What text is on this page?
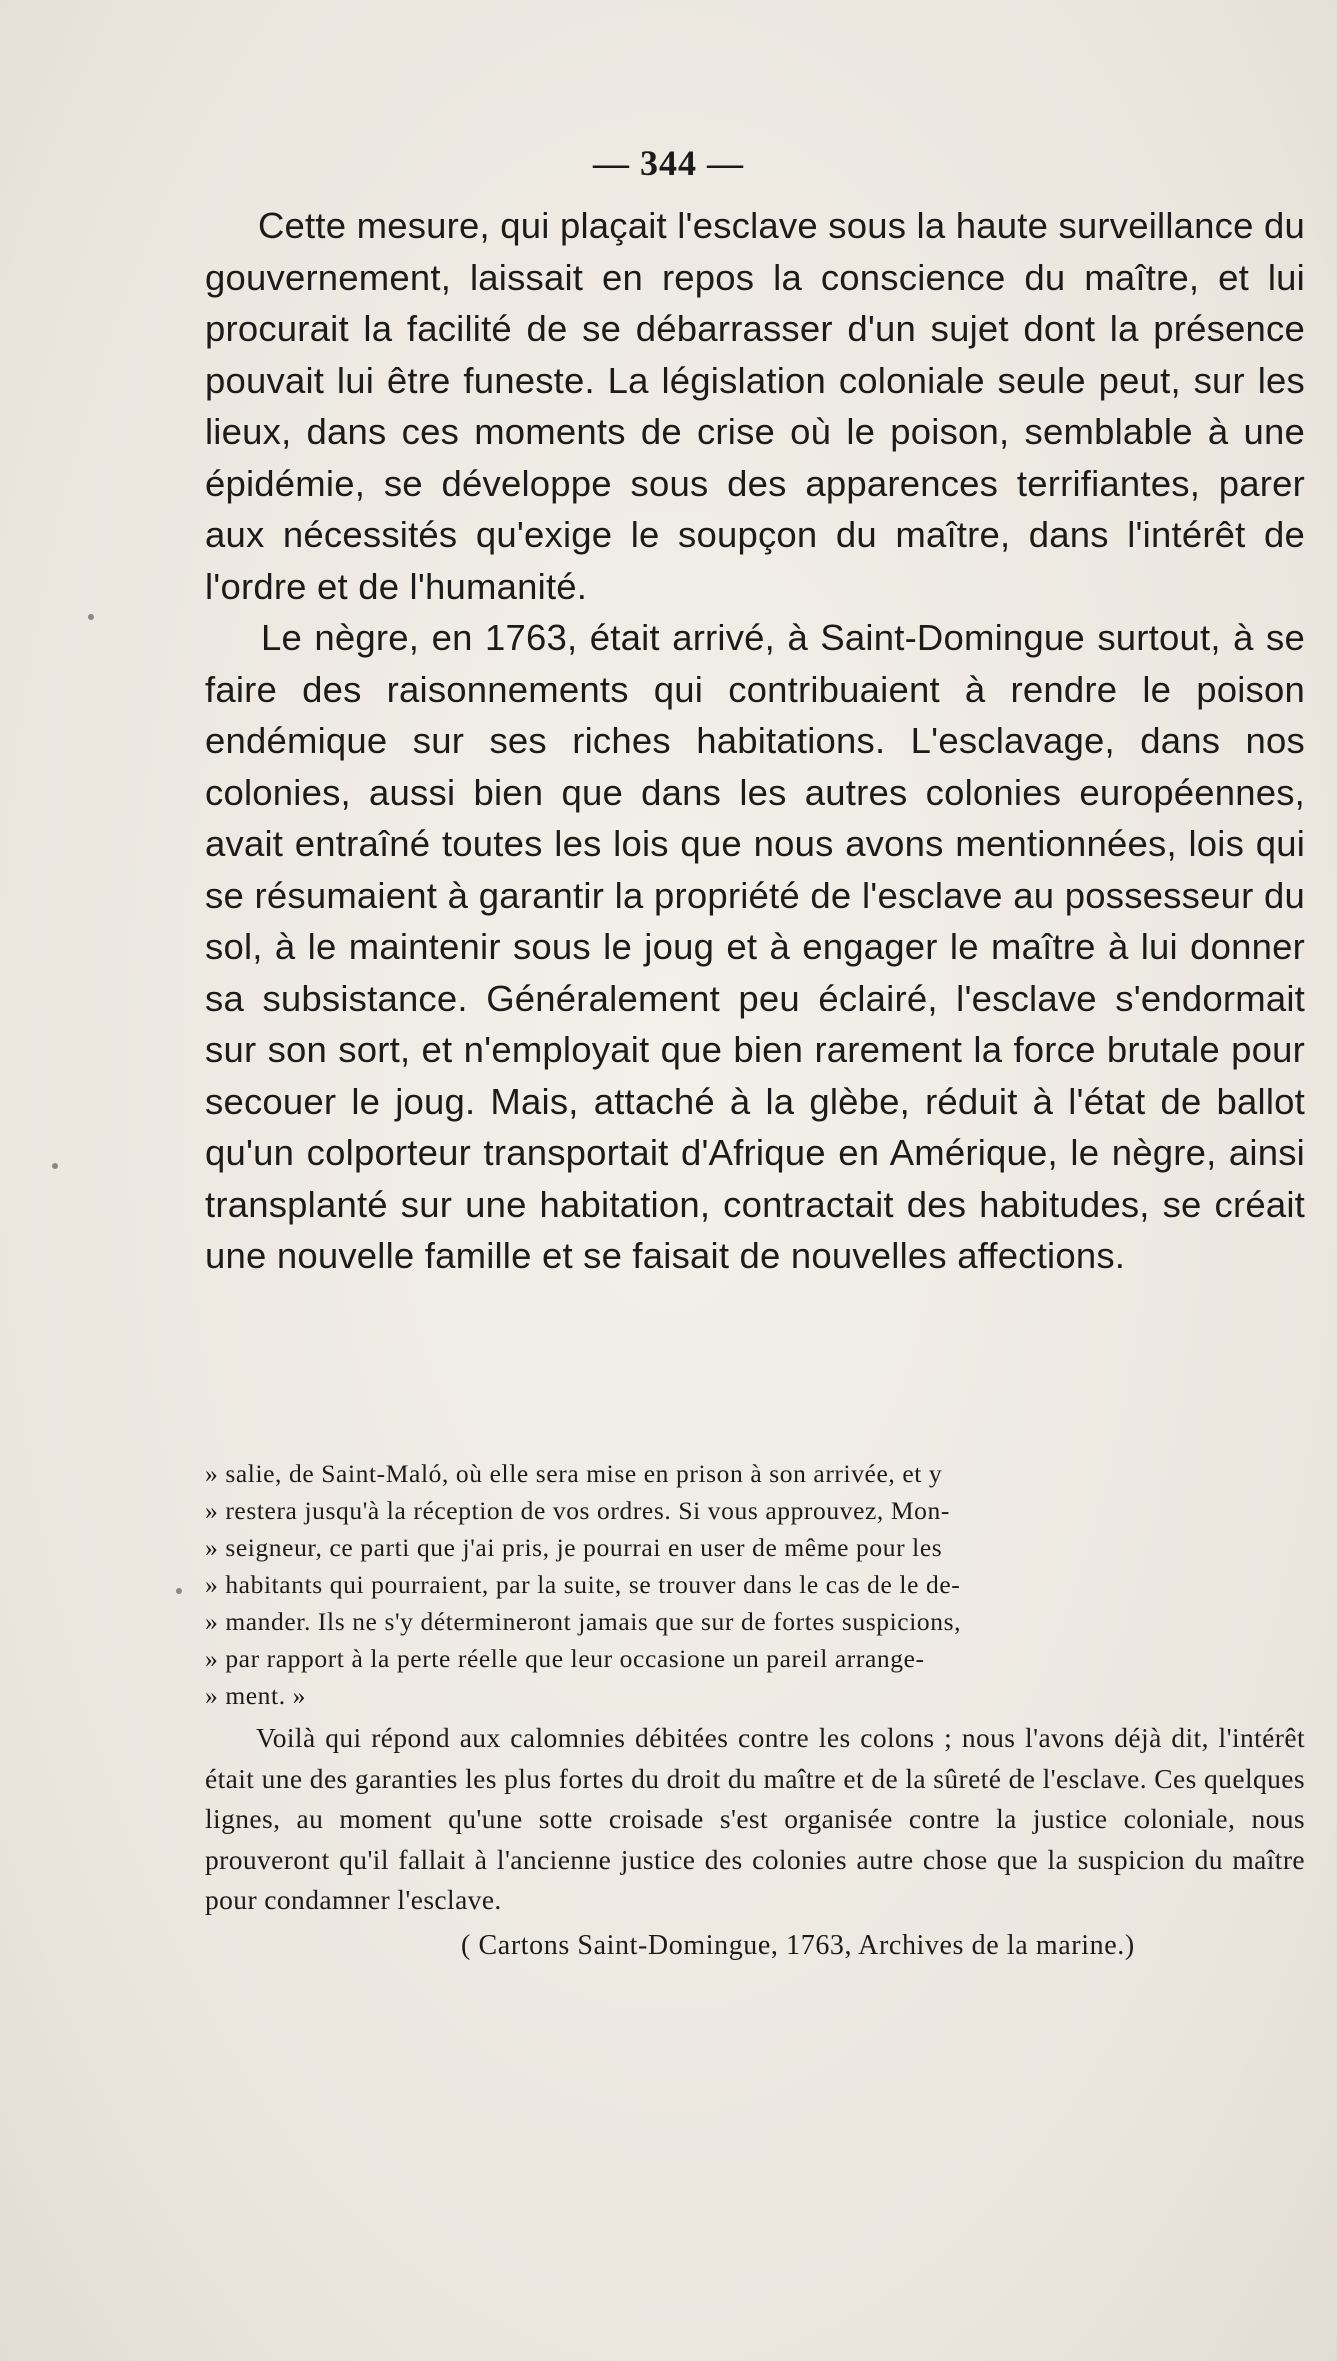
— 344 —

Cette mesure, qui plaçait l'esclave sous la haute surveillance du gouvernement, laissait en repos la conscience du maître, et lui procurait la facilité de se débarrasser d'un sujet dont la présence pouvait lui être funeste. La législation coloniale seule peut, sur les lieux, dans ces moments de crise où le poison, semblable à une épidémie, se développe sous des apparences terrifiantes, parer aux nécessités qu'exige le soupçon du maître, dans l'intérêt de l'ordre et de l'humanité.

Le nègre, en 1763, était arrivé, à Saint-Domingue surtout, à se faire des raisonnements qui contribuaient à rendre le poison endémique sur ses riches habitations. L'esclavage, dans nos colonies, aussi bien que dans les autres colonies européennes, avait entraîné toutes les lois que nous avons mentionnées, lois qui se résumaient à garantir la propriété de l'esclave au possesseur du sol, à le maintenir sous le joug et à engager le maître à lui donner sa subsistance. Généralement peu éclairé, l'esclave s'endormait sur son sort, et n'employait que bien rarement la force brutale pour secouer le joug. Mais, attaché à la glèbe, réduit à l'état de ballot qu'un colporteur transportait d'Afrique en Amérique, le nègre, ainsi transplanté sur une habitation, contractait des habitudes, se créait une nouvelle famille et se faisait de nouvelles affections.

» salie, de Saint-Maló, où elle sera mise en prison à son arrivée, et y
» restera jusqu'à la réception de vos ordres. Si vous approuvez, Mon-
» seigneur, ce parti que j'ai pris, je pourrai en user de même pour les
» habitants qui pourraient, par la suite, se trouver dans le cas de le de-
» mander. Ils ne s'y détermineront jamais que sur de fortes suspicions,
» par rapport à la perte réelle que leur occasione un pareil arrange-
» ment. »

Voilà qui répond aux calomnies débitées contre les colons ; nous l'avons déjà dit, l'intérêt était une des garanties les plus fortes du droit du maître et de la sûreté de l'esclave. Ces quelques lignes, au moment qu'une sotte croisade s'est organisée contre la justice coloniale, nous prouveront qu'il fallait à l'ancienne justice des colonies autre chose que la suspicion du maître pour condamner l'esclave.

( Cartons Saint-Domingue, 1763, Archives de la marine.)
